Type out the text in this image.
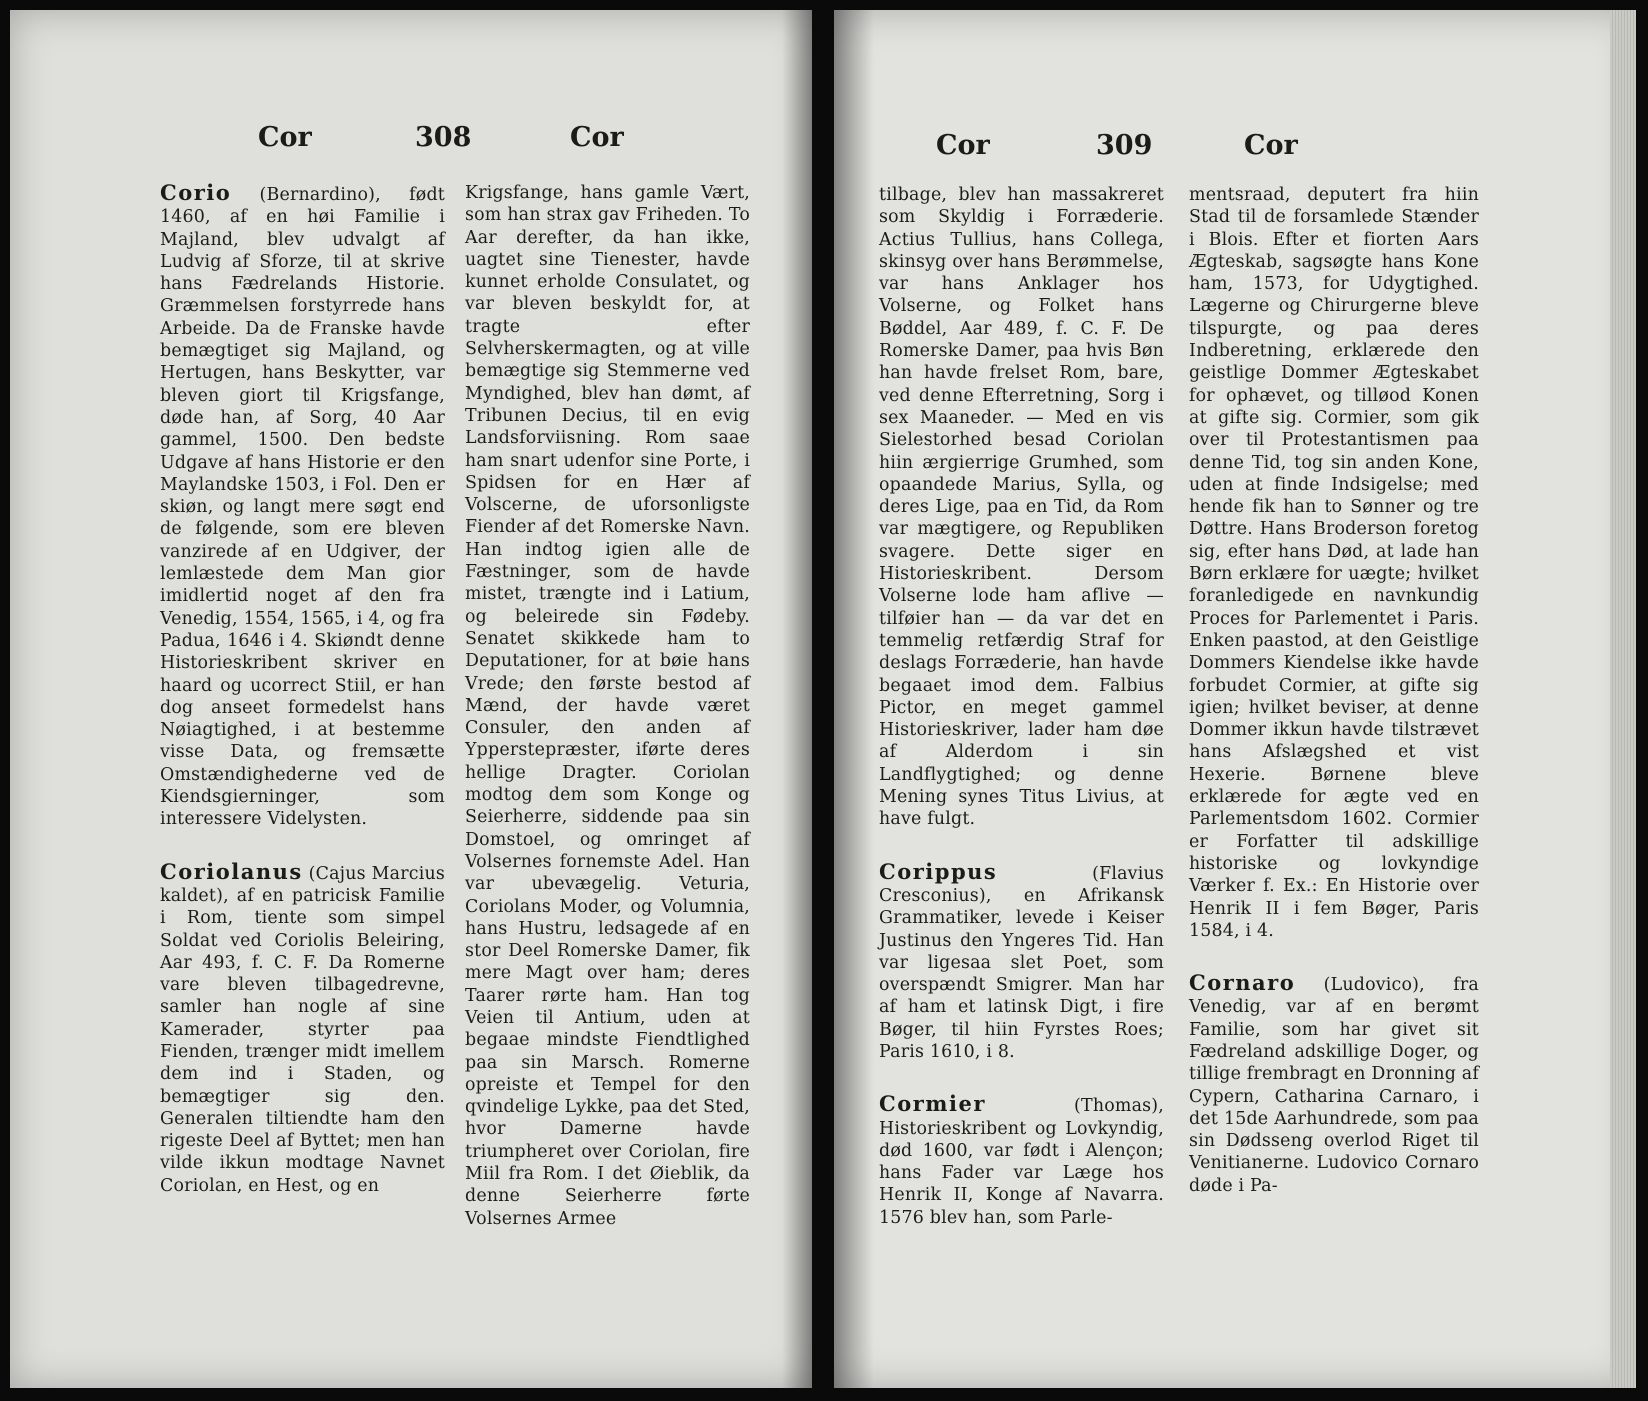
Cor	308	Cor

Corio (Bernardino), født 1460, af en høi Familie i Majland, blev udvalgt af Ludvig af Sforze, til at skrive hans Fædrelands Historie. Græmmelsen forstyrrede hans Arbeide. Da de Franske havde bemægtiget sig Majland, og Hertugen, hans Beskytter, var bleven giort til Krigsfange, døde han, af Sorg, 40 Aar gammel, 1500. Den bedste Udgave af hans Historie er den Maylandske 1503, i Fol. Den er skiøn, og langt mere søgt end de følgende, som ere bleven vanzirede af en Udgiver, der lemlæstede dem Man gior imidlertid noget af den fra Venedig, 1554, 1565, i 4, og fra Padua, 1646 i 4. Skiøndt denne Historieskribent skriver en haard og ucorrect Stiil, er han dog anseet formedelst hans Nøiagtighed, i at bestemme visse Data, og fremsætte Omstændighederne ved de Kiendsgierninger, som interessere Videlysten.

Coriolanus (Cajus Marcius kaldet), af en patricisk Familie i Rom, tiente som simpel Soldat ved Coriolis Beleiring, Aar 493, f. C. F. Da Romerne vare bleven tilbagedrevne, samler han nogle af sine Kamerader, styrter paa Fienden, trænger midt imellem dem ind i Staden, og bemægtiger sig den. Generalen tiltiendte ham den rigeste Deel af Byttet; men han vilde ikkun modtage Navnet Coriolan, en Hest, og en

Krigsfange, hans gamle Vært, som han strax gav Friheden. To Aar derefter, da han ikke, uagtet sine Tienester, havde kunnet erholde Consulatet, og var bleven beskyldt for, at tragte efter Selvherskermagten, og at ville bemægtige sig Stemmerne ved Myndighed, blev han dømt, af Tribunen Decius, til en evig Landsforviisning. Rom saae ham snart udenfor sine Porte, i Spidsen for en Hær af Volscerne, de uforsonligste Fiender af det Romerske Navn. Han indtog igien alle de Fæstninger, som de havde mistet, trængte ind i Latium, og beleirede sin Fødeby. Senatet skikkede ham to Deputationer, for at bøie hans Vrede; den første bestod af Mænd, der havde været Consuler, den anden af Ypperstepræster, iførte deres hellige Dragter. Coriolan modtog dem som Konge og Seierherre, siddende paa sin Domstoel, og omringet af Volsernes fornemste Adel. Han var ubevægelig. Veturia, Coriolans Moder, og Volumnia, hans Hustru, ledsagede af en stor Deel Romerske Damer, fik mere Magt over ham; deres Taarer rørte ham. Han tog Veien til Antium, uden at begaae mindste Fiendtlighed paa sin Marsch. Romerne opreiste et Tempel for den qvindelige Lykke, paa det Sted, hvor Damerne havde triumpheret over Coriolan, fire Miil fra Rom. I det Øieblik, da denne Seierherre førte Volsernes Armee

Cor	309	Cor

tilbage, blev han massakreret som Skyldig i Forræderie. Actius Tullius, hans Collega, skinsyg over hans Berømmelse, var hans Anklager hos Volserne, og Folket hans Bøddel, Aar 489, f. C. F. De Romerske Damer, paa hvis Bøn han havde frelset Rom, bare, ved denne Efterretning, Sorg i sex Maaneder. — Med en vis Sielestorhed besad Coriolan hiin ærgierrige Grumhed, som opaandede Marius, Sylla, og deres Lige, paa en Tid, da Rom var mægtigere, og Republiken svagere. Dette siger en Historieskribent. Dersom Volserne lode ham aflive — tilføier han — da var det en temmelig retfærdig Straf for deslags Forræderie, han havde begaaet imod dem. Falbius Pictor, en meget gammel Historieskriver, lader ham døe af Alderdom i sin Landflygtighed; og denne Mening synes Titus Livius, at have fulgt.

Corippus (Flavius Cresconius), en Afrikansk Grammatiker, levede i Keiser Justinus den Yngeres Tid. Han var ligesaa slet Poet, som overspændt Smigrer. Man har af ham et latinsk Digt, i fire Bøger, til hiin Fyrstes Roes; Paris 1610, i 8.

Cormier (Thomas), Historieskribent og Lovkyndig, død 1600, var født i Alençon; hans Fader var Læge hos Henrik II, Konge af Navarra. 1576 blev han, som Parle-

mentsraad, deputert fra hiin Stad til de forsamlede Stænder i Blois. Efter et fiorten Aars Ægteskab, sagsøgte hans Kone ham, 1573, for Udygtighed. Lægerne og Chirurgerne bleve tilspurgte, og paa deres Indberetning, erklærede den geistlige Dommer Ægteskabet for ophævet, og tilløod Konen at gifte sig. Cormier, som gik over til Protestantismen paa denne Tid, tog sin anden Kone, uden at finde Indsigelse; med hende fik han to Sønner og tre Døttre. Hans Broderson foretog sig, efter hans Død, at lade han Børn erklære for uægte; hvilket foranledigede en navnkundig Proces for Parlementet i Paris. Enken paastod, at den Geistlige Dommers Kiendelse ikke havde forbudet Cormier, at gifte sig igien; hvilket beviser, at denne Dommer ikkun havde tilstrævet hans Afslægshed et vist Hexerie. Børnene bleve erklærede for ægte ved en Parlementsdom 1602. Cormier er Forfatter til adskillige historiske og lovkyndige Værker f. Ex.: En Historie over Henrik II i fem Bøger, Paris 1584, i 4.

Cornaro (Ludovico), fra Venedig, var af en berømt Familie, som har givet sit Fædreland adskillige Doger, og tillige frembragt en Dronning af Cypern, Catharina Carnaro, i det 15de Aarhundrede, som paa sin Dødsseng overlod Riget til Venitianerne. Ludovico Cornaro døde i Pa-
